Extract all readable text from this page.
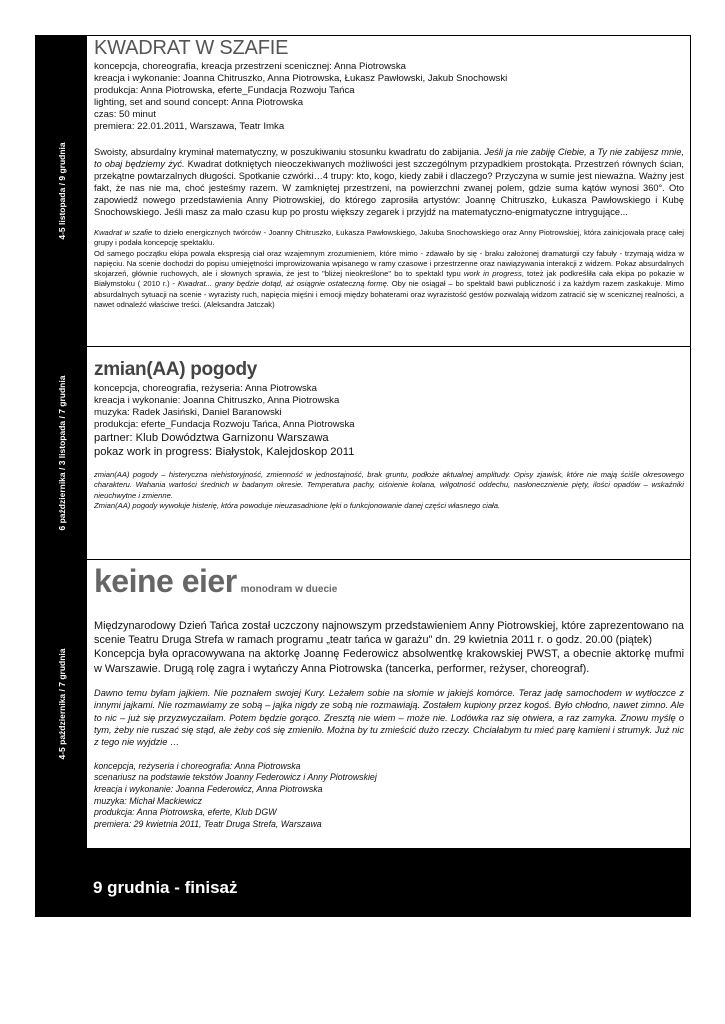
4-5 listopada / 9 grudnia
KWADRAT W SZAFIE
koncepcja, choreografia, kreacja przestrzeni scenicznej: Anna Piotrowska
kreacja i wykonanie: Joanna Chitruszko, Anna Piotrowska, Łukasz Pawłowski, Jakub Snochowski
produkcja: Anna Piotrowska, eferte_Fundacja Rozwoju Tańca
lighting, set and sound concept: Anna Piotrowska
czas: 50 minut
premiera: 22.01.2011, Warszawa, Teatr Imka

Swoisty, absurdalny kryminał matematyczny, w poszukiwaniu stosunku kwadratu do zabijania. Jeśli ja nie zabiję Ciebie, a Ty nie zabijesz mnie, to obaj będziemy żyć. Kwadrat dotkniętych nieoczekiwanych możliwości jest szczególnym przypadkiem prostokąta. Przestrzeń równych ścian, przekątne powtarzalnych długości. Spotkanie czwórki…4 trupy: kto, kogo, kiedy zabił i dlaczego? Przyczyna w sumie jest nieważna. Ważny jest fakt, że nas nie ma, choć jesteśmy razem. W zamkniętej przestrzeni, na powierzchni zwanej polem, gdzie suma kątów wynosi 360°. Oto zapowiedź nowego przedstawienia Anny Piotrowskiej, do którego zaprosiła artystów: Joannę Chitruszko, Łukasza Pawłowskiego i Kubę Snochowskiego. Jeśli masz za mało czasu kup po prostu większy zegarek i przyjdź na matematyczno-enigmatyczne intrygujące...

Kwadrat w szafie to dzieło energicznych twórców - Joanny Chitruszko, Łukasza Pawłowskiego, Jakuba Snochowskiego oraz Anny Piotrowskiej, która zainicjowała pracę całej grupy i podała koncepcję spektaklu.
Od samego początku ekipa powala ekspresją ciał oraz wzajemnym zrozumieniem, które mimo - zdawało by się - braku założonej dramaturgii czy fabuły - trzymają widza w napięciu. Na scenie dochodzi do popisu umiejętności improwizowania wpisanego w ramy czasowe i przestrzenne oraz nawiązywania interakcji z widzem. Pokaz absurdalnych skojarzeń, głównie ruchowych, ale i słownych sprawia, że jest to "bliżej nieokreślone" bo to spektakl typu work in progress, toteż jak podkreśliła cała ekipa po pokazie w Białymstoku ( 2010 r.) - Kwadrat... grany będzie dotąd, aż osiągnie ostateczną formę. Oby nie osiągał – bo spektakl bawi publiczność i za każdym razem zaskakuje. Mimo absurdalnych sytuacji na scenie - wyrazisty ruch, napięcia mięśni i emocji między bohaterami oraz wyrazistość gestów pozwalają widzom zatracić się w scenicznej realności, a nawet odnaleźć właściwe treści. (Aleksandra Jatczak)

6 października / 3 listopada / 7 grudnia
zmian(AA) pogody
koncepcja, choreografia, reżyseria: Anna Piotrowska
kreacja i wykonanie: Joanna Chitruszko, Anna Piotrowska
muzyka: Radek Jasiński, Daniel Baranowski
produkcja: eferte_Fundacja Rozwoju Tańca, Anna Piotrowska
partner: Klub Dowództwa Garnizonu Warszawa
pokaz work in progress: Białystok, Kalejdoskop 2011

zmian(AA) pogody – histeryczna niehistoryjność, zmienność w jednostajność, brak gruntu, podłoże aktualnej amplitudy. Opisy zjawisk, które nie mają ściśle okresowego charakteru. Wahania wartości średnich w badanym okresie. Temperatura pachy, ciśnienie kolana, wilgotność oddechu, nasłonecznienie pięty, ilości opadów – wskaźniki nieuchwytne i zmienne.
Zmian(AA) pogody wywołuje histerię, która powoduje nieuzasadnione lęki o funkcjonowanie danej części własnego ciała.

4-5 października / 7 grudnia
keine eier monodram w duecie

Międzynarodowy Dzień Tańca został uczczony najnowszym przedstawieniem Anny Piotrowskiej, które zaprezentowano na scenie Teatru Druga Strefa w ramach programu „teatr tańca w garażu" dn. 29 kwietnia 2011 r. o godz. 20.00 (piątek)
Koncepcja była opracowywana na aktorkę Joannę Federowicz absolwentkę krakowskiej PWST, a obecnie aktorkę mufmi w Warszawie. Drugą rolę zagra i wytańczy Anna Piotrowska (tancerka, performer, reżyser, choreograf).

Dawno temu byłam jajkiem. Nie poznałem swojej Kury. Leżałem sobie na słomie w jakiejś komórce. Teraz jadę samochodem w wytłoczce z innymi jajkami. Nie rozmawiamy ze sobą – jajka nigdy ze sobą nie rozmawiają. Zostałem kupiony przez kogoś. Było chłodno, nawet zimno. Ale to nic – już się przyzwyczaiłam. Potem będzie gorąco. Zresztą nie wiem – może nie. Lodówka raz się otwiera, a raz zamyka. Znowu myślę o tym, żeby nie ruszać się stąd, ale żeby coś się zmieniło. Można by tu zmieścić dużo rzeczy. Chciałabym tu mieć parę kamieni i strumyk. Już nic z tego nie wyjdzie …

koncepcja, reżyseria i choreografia: Anna Piotrowska
scenariusz na podstawie tekstów Joanny Federowicz i Anny Piotrowskiej
kreacja i wykonanie: Joanna Federowicz, Anna Piotrowska
muzyka: Michał Mackiewicz
produkcja: Anna Piotrowska, eferte, Klub DGW
premiera: 29 kwietnia 2011, Teatr Druga Strefa, Warszawa
9 grudnia - finisaż
